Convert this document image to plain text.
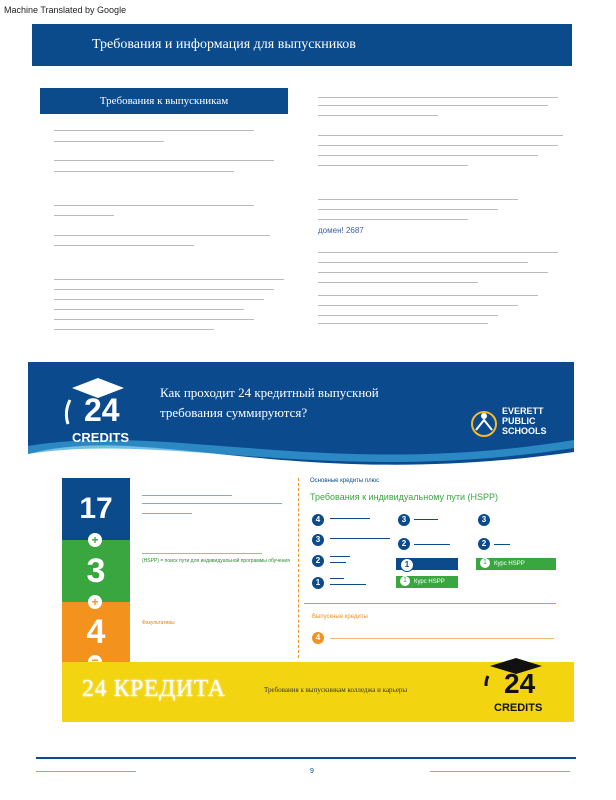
Machine Translated by Google
Требования и информация для выпускников
Требования к выпускникам
домен! 2687
24
CREDITS
Как проходит 24 кредитный выпускной требования суммируются?	EVERETT
PUBLIC
SCHOOLS
17
3
4
+
+
(HSPP) = поиск пути для индивидуальной программы обучения
Факультативы
Основные кредиты плюс
Требования к индивидуальному пути (HSPP)
4
3
2
1
3
2
1
1 Курс HSPP
3
2
1 Курс HSPP
Выпускные кредиты
4
24 КРЕДИТА	Требования к выпускникам колледжа и карьеры	24
CREDITS
9
